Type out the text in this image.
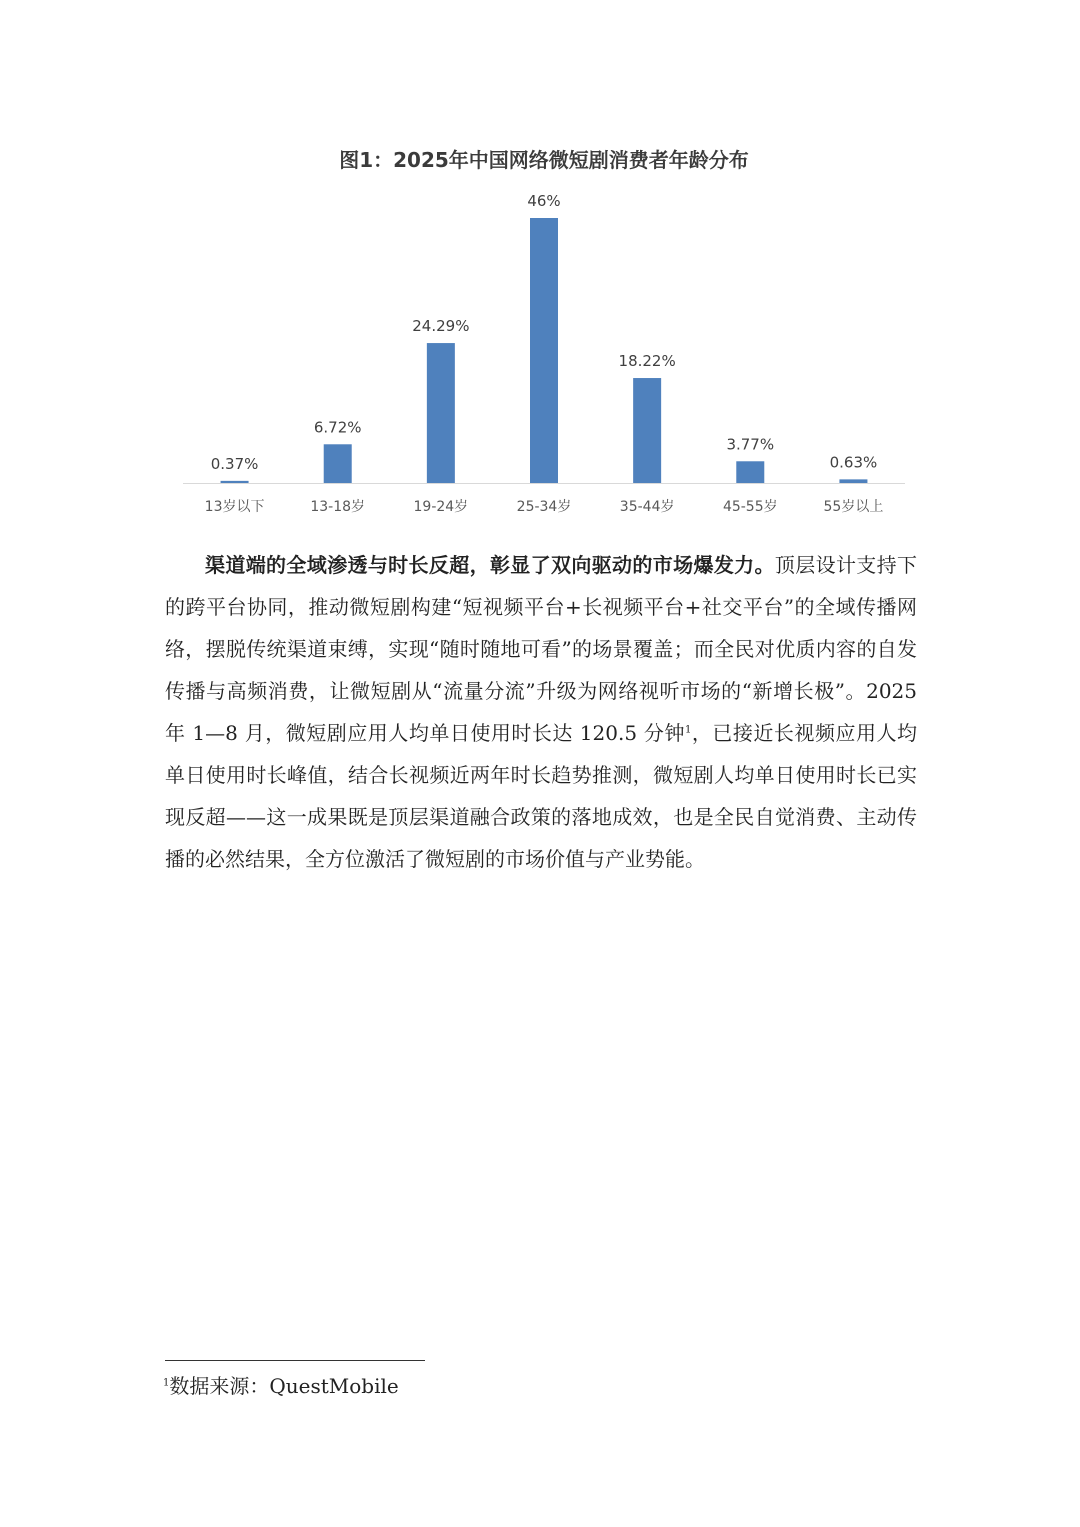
图1：2025年中国网络微短剧消费者年龄分布
0.37%
13岁以下
6.72%
13-18岁
24.29%
19-24岁
46%
25-34岁
18.22%
35-44岁
3.77%
45-55岁
0.63%
55岁以上

渠道端的全域渗透与时长反超，彰显了双向驱动的市场爆发力。顶层设计支持下的跨平台协同，推动微短剧构建“短视频平台+长视频平台+社交平台”的全域传播网络，摆脱传统渠道束缚，实现“随时随地可看”的场景覆盖；而全民对优质内容的自发传播与高频消费，让微短剧从“流量分流”升级为网络视听市场的“新增长极”。2025 年 1—8 月，微短剧应用人均单日使用时长达 120.5 分钟$^1$，已接近长视频应用人均单日使用时长峰值，结合长视频近两年时长趋势推测，微短剧人均单日使用时长已实现反超——这一成果既是顶层渠道融合政策的落地成效，也是全民自觉消费、主动传播的必然结果，全方位激活了微短剧的市场价值与产业势能。

$^1$数据来源：QuestMobile
